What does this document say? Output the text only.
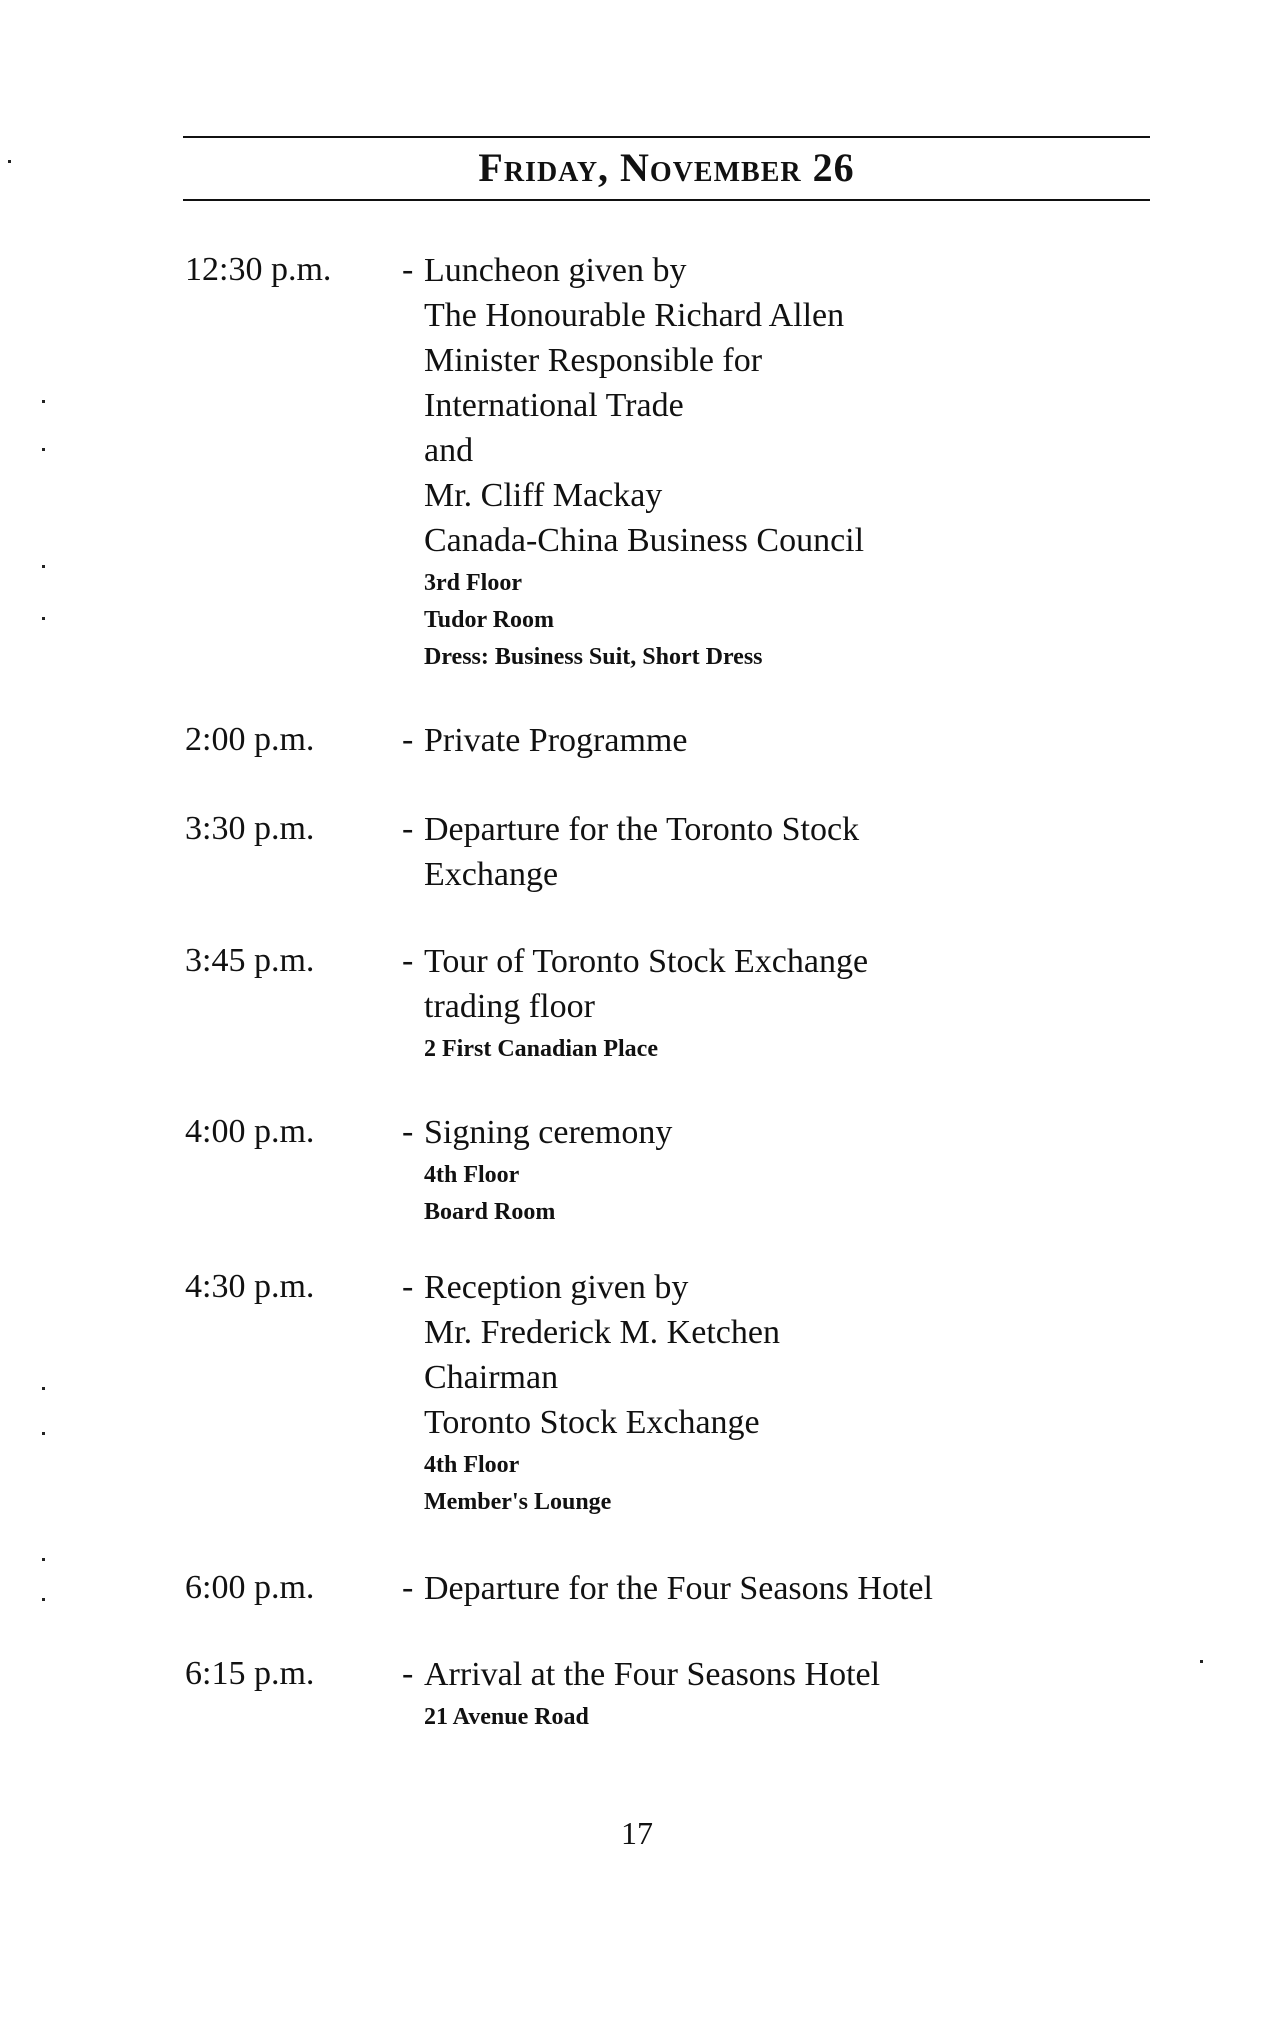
Friday, November 26
12:30 p.m. - Luncheon given by
The Honourable Richard Allen
Minister Responsible for
International Trade
and
Mr. Cliff Mackay
Canada-China Business Council
3rd Floor
Tudor Room
Dress: Business Suit, Short Dress
2:00 p.m.	- Private Programme
3:30 p.m.	- Departure for the Toronto Stock
Exchange
3:45 p.m.	- Tour of Toronto Stock Exchange
trading floor
2 First Canadian Place
4:00 p.m.	- Signing ceremony
4th Floor
Board Room
4:30 p.m.	- Reception given by
Mr. Frederick M. Ketchen
Chairman
Toronto Stock Exchange
4th Floor
Member's Lounge
6:00 p.m.	- Departure for the Four Seasons Hotel
6:15 p.m.	- Arrival at the Four Seasons Hotel
21 Avenue Road
17
